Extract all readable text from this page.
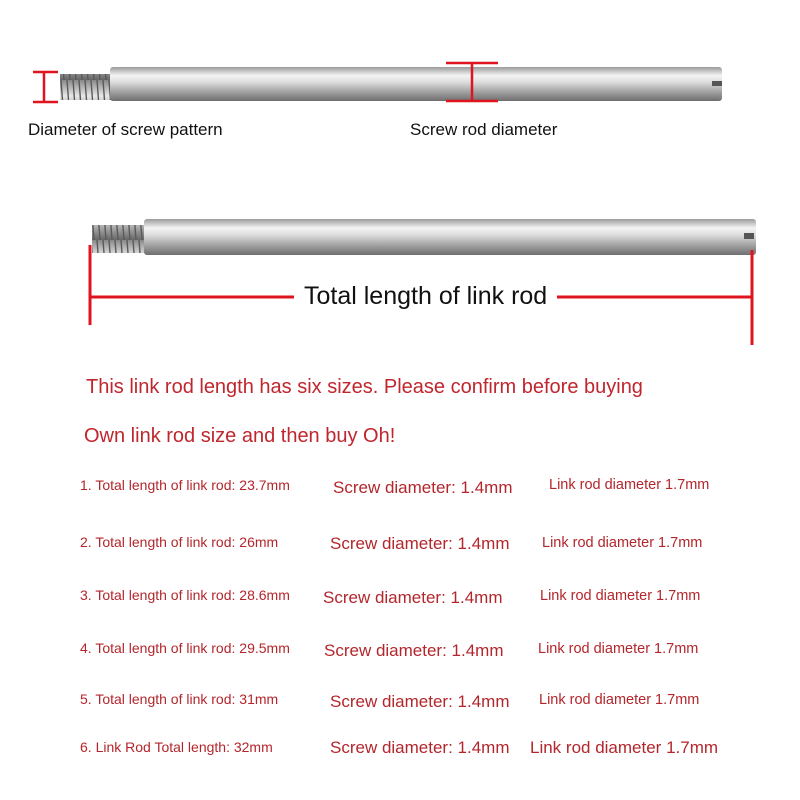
Diameter of screw pattern	Screw rod diameter
Total length of link rod
This link rod length has six sizes. Please confirm before buying
Own link rod size and then buy Oh!
1. Total length of link rod: 23.7mm	Screw diameter: 1.4mm	Link rod diameter 1.7mm
2. Total length of link rod: 26mm	Screw diameter: 1.4mm Link rod diameter 1.7mm
3. Total length of link rod: 28.6mm Screw diameter: 1.4mm	Link rod diameter 1.7mm
4. Total length of link rod: 29.5mm Screw diameter: 1.4mm Link rod diameter 1.7mm
5. Total length of link rod: 31mm	Screw diameter: 1.4mm Link rod diameter 1.7mm
6. Link Rod Total length: 32mm	Screw diameter: 1.4mm Link rod diameter 1.7mm
